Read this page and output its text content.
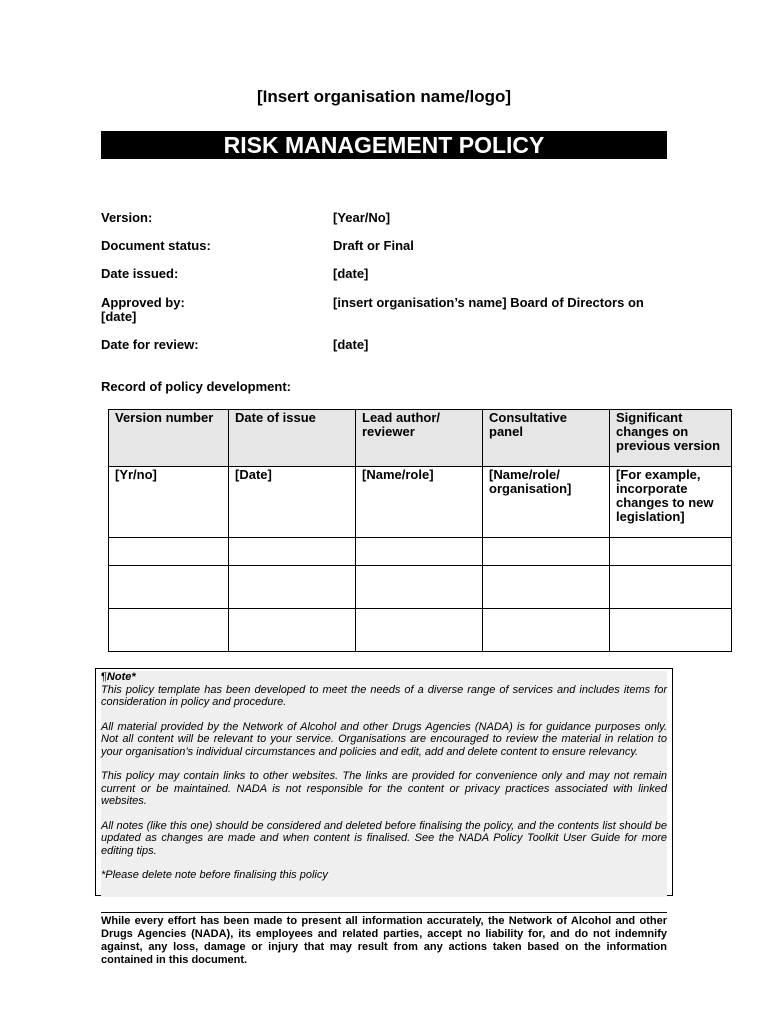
[Insert organisation name/logo]
RISK MANAGEMENT POLICY
Version:	[Year/No]
Document status:	Draft or Final
Date issued:	[date]
Approved by:	[insert organisation’s name] Board of Directors on
[date]
Date for review:	[date]
Record of policy development:
Version number	Date of issue	Lead author/ reviewer	Consultative panel	Significant changes on previous version
[Yr/no]	[Date]	[Name/role]	[Name/role/ organisation]	[For example, incorporate changes to new legislation]

¶Note*

This policy template has been developed to meet the needs of a diverse range of services and includes items for consideration in policy and procedure.

All material provided by the Network of Alcohol and other Drugs Agencies (NADA) is for guidance purposes only. Not all content will be relevant to your service. Organisations are encouraged to review the material in relation to your organisation’s individual circumstances and policies and edit, add and delete content to ensure relevancy.

This policy may contain links to other websites. The links are provided for convenience only and may not remain current or be maintained. NADA is not responsible for the content or privacy practices associated with linked websites.

All notes (like this one) should be considered and deleted before finalising the policy, and the contents list should be updated as changes are made and when content is finalised. See the NADA Policy Toolkit User Guide for more editing tips.

*Please delete note before finalising this policy

While every effort has been made to present all information accurately, the Network of Alcohol and other Drugs Agencies (NADA), its employees and related parties, accept no liability for, and do not indemnify against, any loss, damage or injury that may result from any actions taken based on the information contained in this document.
